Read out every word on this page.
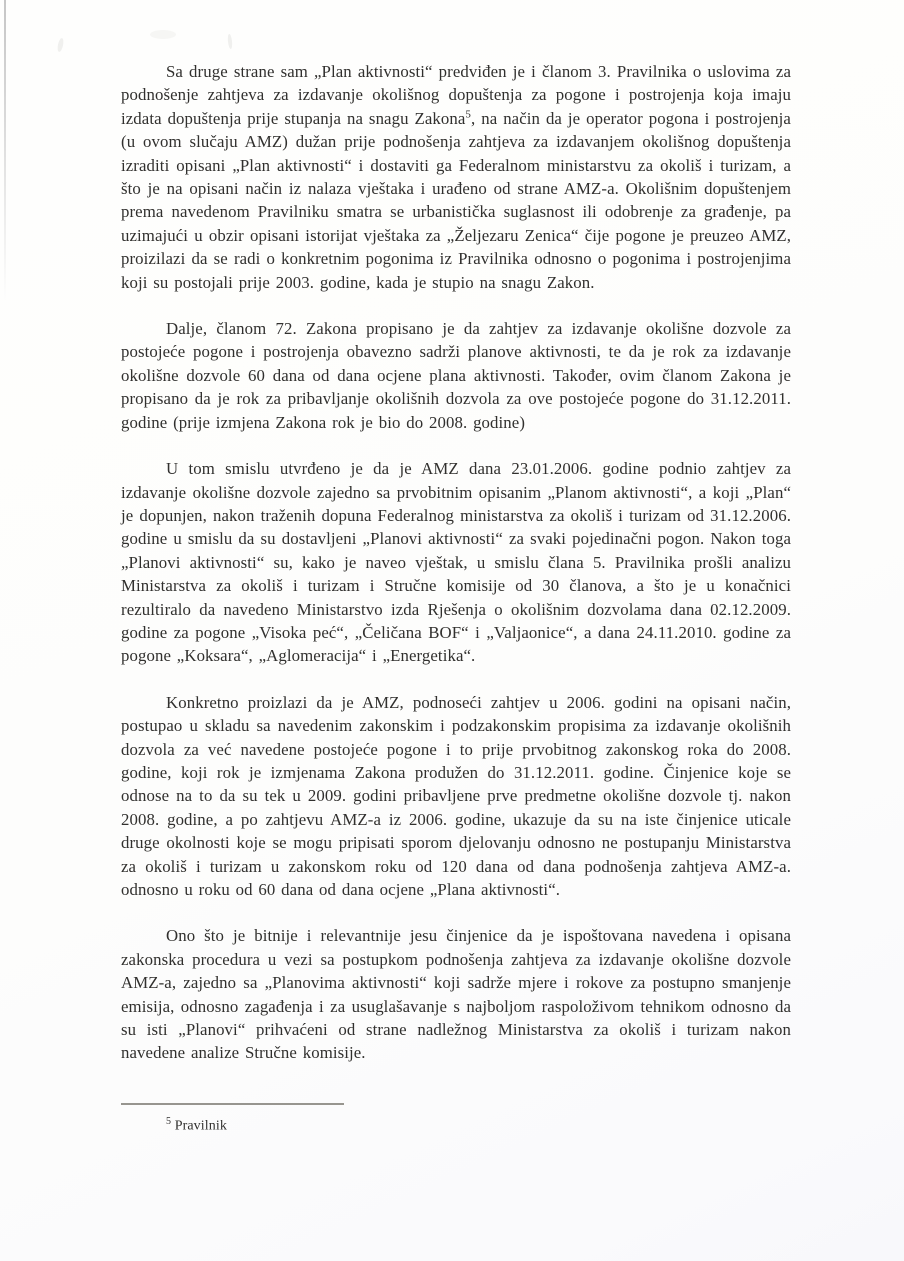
Sa druge strane sam „Plan aktivnosti“ predviđen je i članom 3. Pravilnika o uslovima za podnošenje zahtjeva za izdavanje okolišnog dopuštenja za pogone i postrojenja koja imaju izdata dopuštenja prije stupanja na snagu Zakona$^5$, na način da je operator pogona i postrojenja (u ovom slučaju AMZ) dužan prije podnošenja zahtjeva za izdavanjem okolišnog dopuštenja izraditi opisani „Plan aktivnosti“ i dostaviti ga Federalnom ministarstvu za okoliš i turizam, a što je na opisani način iz nalaza vještaka i urađeno od strane AMZ-a. Okolišnim dopuštenjem prema navedenom Pravilniku smatra se urbanistička suglasnost ili odobrenje za građenje, pa uzimajući u obzir opisani istorijat vještaka za „Željezaru Zenica“ čije pogone je preuzeo AMZ, proizilazi da se radi o konkretnim pogonima iz Pravilnika odnosno o pogonima i postrojenjima koji su postojali prije 2003. godine, kada je stupio na snagu Zakon.

Dalje, članom 72. Zakona propisano je da zahtjev za izdavanje okolišne dozvole za postojeće pogone i postrojenja obavezno sadrži planove aktivnosti, te da je rok za izdavanje okolišne dozvole 60 dana od dana ocjene plana aktivnosti. Također, ovim članom Zakona je propisano da je rok za pribavljanje okolišnih dozvola za ove postojeće pogone do 31.12.2011. godine (prije izmjena Zakona rok je bio do 2008. godine)

U tom smislu utvrđeno je da je AMZ dana 23.01.2006. godine podnio zahtjev za izdavanje okolišne dozvole zajedno sa prvobitnim opisanim „Planom aktivnosti“, a koji „Plan“ je dopunjen, nakon traženih dopuna Federalnog ministarstva za okoliš i turizam od 31.12.2006. godine u smislu da su dostavljeni „Planovi aktivnosti“ za svaki pojedinačni pogon. Nakon toga „Planovi aktivnosti“ su, kako je naveo vještak, u smislu člana 5. Pravilnika prošli analizu Ministarstva za okoliš i turizam i Stručne komisije od 30 članova, a što je u konačnici rezultiralo da navedeno Ministarstvo izda Rješenja o okolišnim dozvolama dana 02.12.2009. godine za pogone „Visoka peć“, „Čeličana BOF“ i „Valjaonice“, a dana 24.11.2010. godine za pogone „Koksara“, „Aglomeracija“ i „Energetika“.

Konkretno proizlazi da je AMZ, podnoseći zahtjev u 2006. godini na opisani način, postupao u skladu sa navedenim zakonskim i podzakonskim propisima za izdavanje okolišnih dozvola za već navedene postojeće pogone i to prije prvobitnog zakonskog roka do 2008. godine, koji rok je izmjenama Zakona produžen do 31.12.2011. godine. Činjenice koje se odnose na to da su tek u 2009. godini pribavljene prve predmetne okolišne dozvole tj. nakon 2008. godine, a po zahtjevu AMZ-a iz 2006. godine, ukazuje da su na iste činjenice uticale druge okolnosti koje se mogu pripisati sporom djelovanju odnosno ne postupanju Ministarstva za okoliš i turizam u zakonskom roku od 120 dana od dana podnošenja zahtjeva AMZ-a. odnosno u roku od 60 dana od dana ocjene „Plana aktivnosti“.

Ono što je bitnije i relevantnije jesu činjenice da je ispoštovana navedena i opisana zakonska procedura u vezi sa postupkom podnošenja zahtjeva za izdavanje okolišne dozvole AMZ-a, zajedno sa „Planovima aktivnosti“ koji sadrže mjere i rokove za postupno smanjenje emisija, odnosno zagađenja i za usuglašavanje s najboljom raspoloživom tehnikom odnosno da su isti „Planovi“ prihvaćeni od strane nadležnog Ministarstva za okoliš i turizam nakon navedene analize Stručne komisije.

$^5$ Pravilnik
